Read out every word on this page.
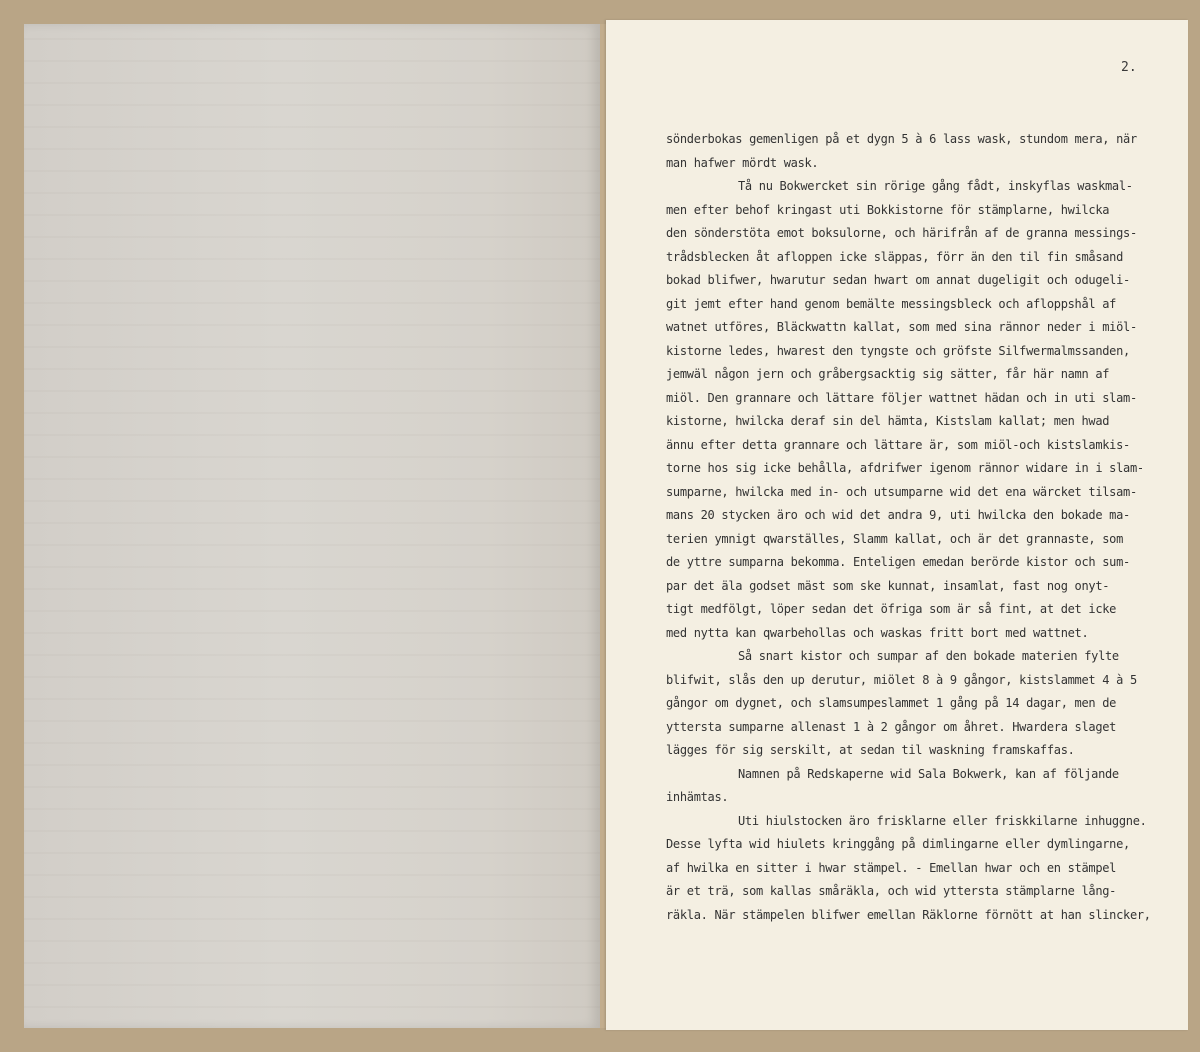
2.
sönderbokas gemenligen på et dygn 5 à 6 lass wask, stundom mera, när
man hafwer mördt wask.
Tå nu Bokwercket sin rörige gång fådt, inskyflas waskmal-
men efter behof kringast uti Bokkistorne för stämplarne, hwilcka
den sönderstöta emot boksulorne, och härifrån af de granna messings-
trådsblecken åt afloppen icke släppas, förr än den til fin småsand
bokad blifwer, hwarutur sedan hwart om annat dugeligit och odugeli-
git jemt efter hand genom bemälte messingsbleck och afloppshål af
watnet utföres, Bläckwattn kallat, som med sina rännor neder i miöl-
kistorne ledes, hwarest den tyngste och gröfste Silfwermalmssanden,
jemwäl någon jern och gråbergsacktig sig sätter, får här namn af
miöl. Den grannare och lättare följer wattnet hädan och in uti slam-
kistorne, hwilcka deraf sin del hämta, Kistslam kallat; men hwad
ännu efter detta grannare och lättare är, som miöl-och kistslamkis-
torne hos sig icke behålla, afdrifwer igenom rännor widare in i slam-
sumparne, hwilcka med in- och utsumparne wid det ena wärcket tilsam-
mans 20 stycken äro och wid det andra 9, uti hwilcka den bokade ma-
terien ymnigt qwarställes, Slamm kallat, och är det grannaste, som
de yttre sumparna bekomma. Enteligen emedan berörde kistor och sum-
par det äla godset mäst som ske kunnat, insamlat, fast nog onyt-
tigt medfölgt, löper sedan det öfriga som är så fint, at det icke
med nytta kan qwarbehollas och waskas fritt bort med wattnet.
Så snart kistor och sumpar af den bokade materien fylte
blifwit, slås den up derutur, miölet 8 à 9 gångor, kistslammet 4 à 5
gångor om dygnet, och slamsumpeslammet 1 gång på 14 dagar, men de
yttersta sumparne allenast 1 à 2 gångor om åhret. Hwardera slaget
lägges för sig serskilt, at sedan til waskning framskaffas.
Namnen på Redskaperne wid Sala Bokwerk, kan af följande
inhämtas.
Uti hiulstocken äro frisklarne eller friskkilarne inhuggne.
Desse lyfta wid hiulets kringgång på dimlingarne eller dymlingarne,
af hwilka en sitter i hwar stämpel. - Emellan hwar och en stämpel
är et trä, som kallas småräkla, och wid yttersta stämplarne lång-
räkla. När stämpelen blifwer emellan Räklorne förnött at han slincker,
